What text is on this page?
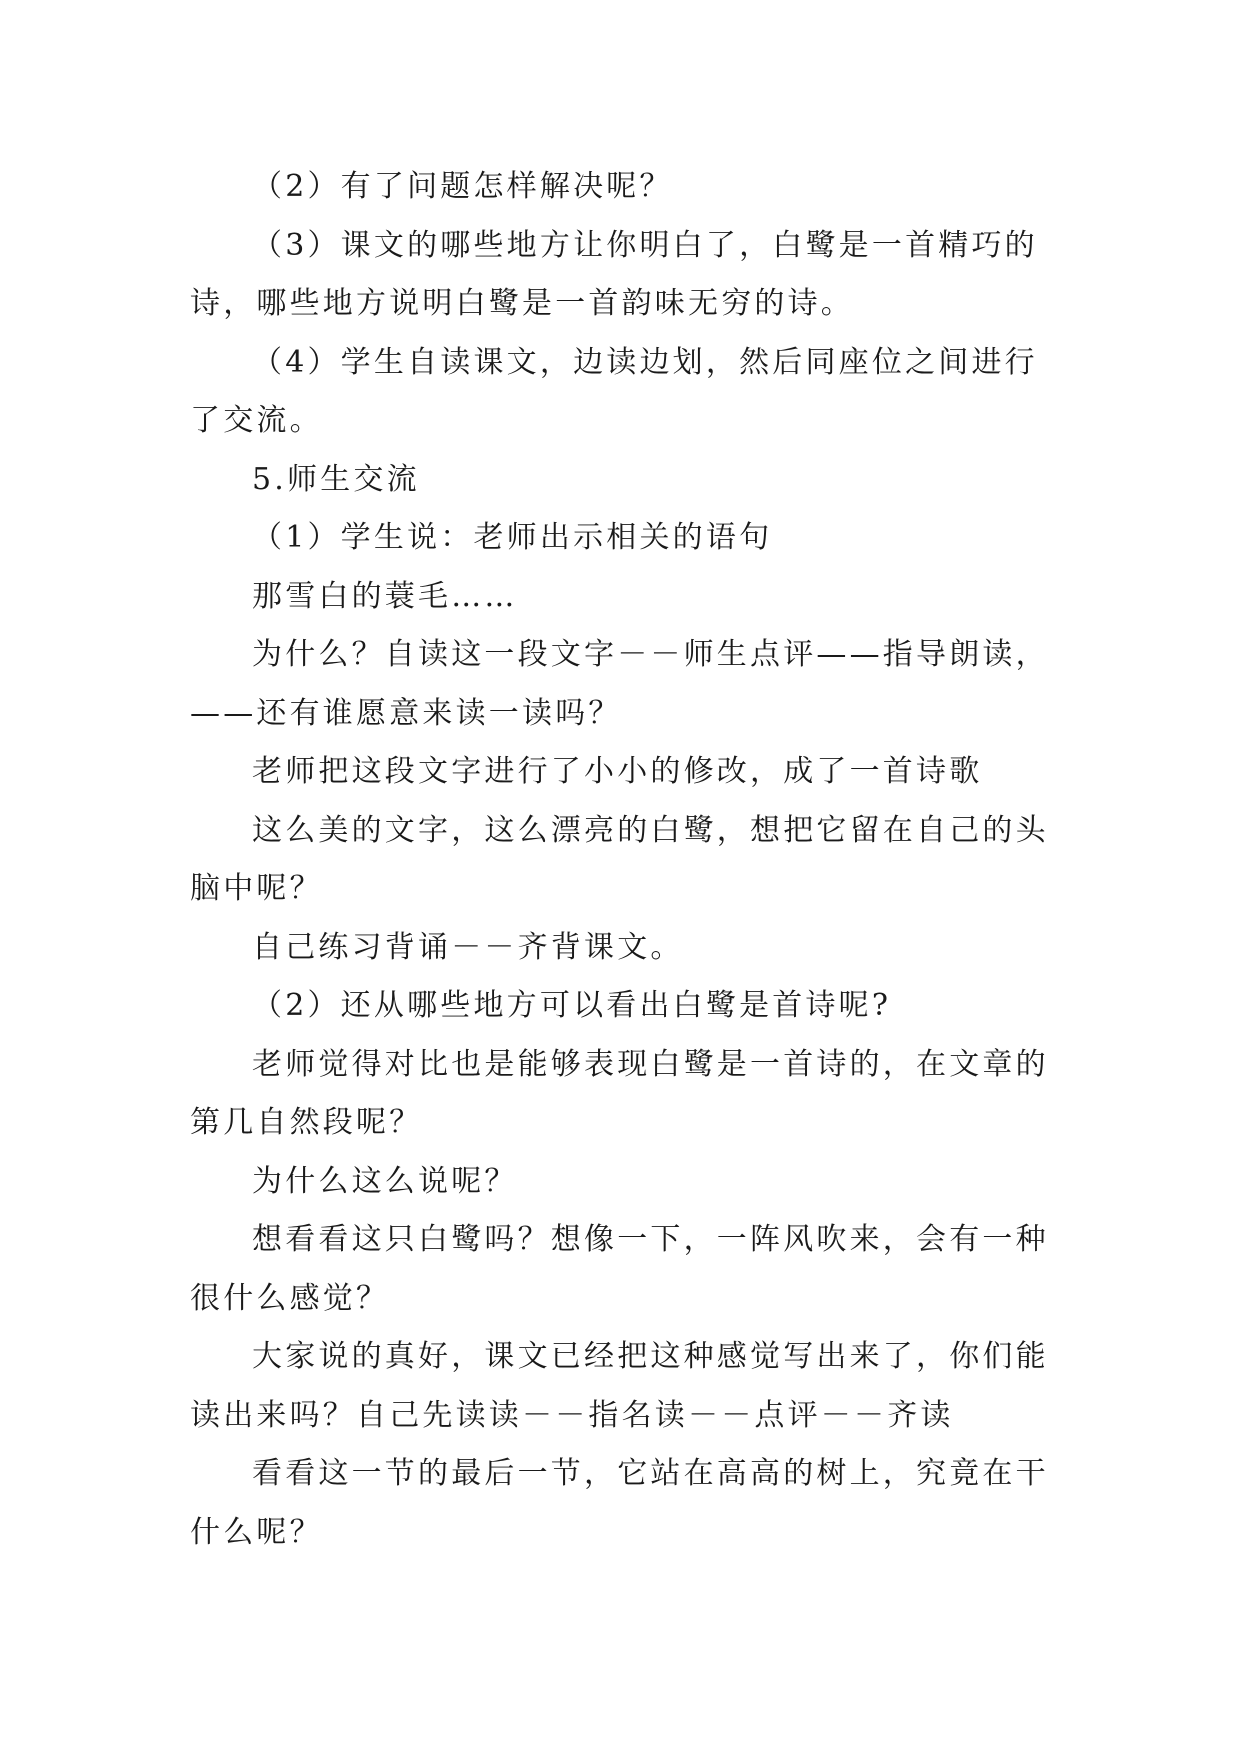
（2）有了问题怎样解决呢？

（3）课文的哪些地方让你明白了，白鹭是一首精巧的诗，哪些地方说明白鹭是一首韵味无穷的诗。

（4）学生自读课文，边读边划，然后同座位之间进行了交流。

5.师生交流

（1）学生说：老师出示相关的语句

那雪白的蓑毛……

为什么？自读这一段文字－－师生点评——指导朗读，——还有谁愿意来读一读吗？

老师把这段文字进行了小小的修改，成了一首诗歌

这么美的文字，这么漂亮的白鹭，想把它留在自己的头脑中呢？

自己练习背诵－－齐背课文。

（2）还从哪些地方可以看出白鹭是首诗呢?

老师觉得对比也是能够表现白鹭是一首诗的，在文章的第几自然段呢？

为什么这么说呢？

想看看这只白鹭吗？想像一下，一阵风吹来，会有一种很什么感觉？

大家说的真好，课文已经把这种感觉写出来了，你们能读出来吗？自己先读读－－指名读－－点评－－齐读

看看这一节的最后一节，它站在高高的树上，究竟在干什么呢？
